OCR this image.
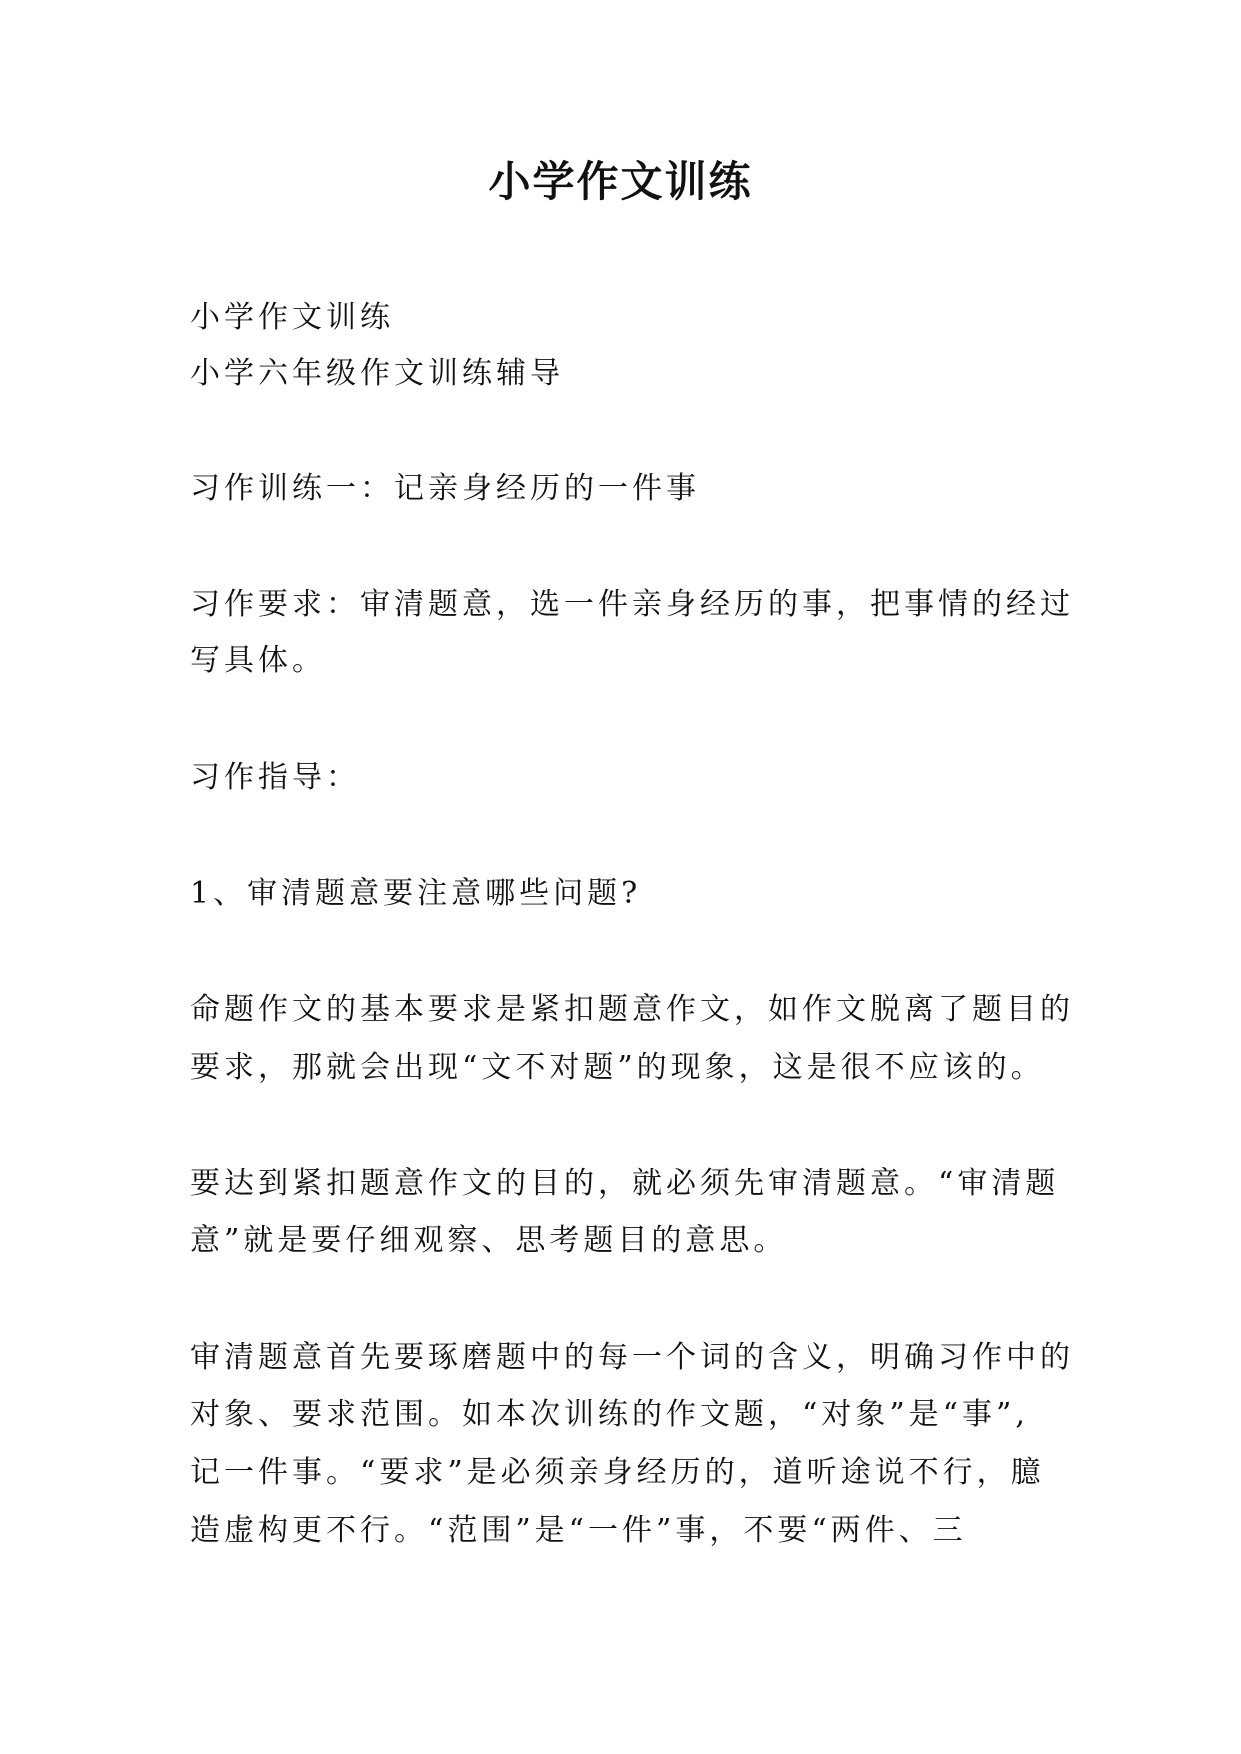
小学作文训练

小学作文训练

小学六年级作文训练辅导

习作训练一：记亲身经历的一件事

习作要求：审清题意，选一件亲身经历的事，把事情的经过

写具体。

习作指导：

1、审清题意要注意哪些问题?

命题作文的基本要求是紧扣题意作文，如作文脱离了题目的

要求，那就会出现“文不对题”的现象，这是很不应该的。

要达到紧扣题意作文的目的，就必须先审清题意。“审清题

意”就是要仔细观察、思考题目的意思。

审清题意首先要琢磨题中的每一个词的含义，明确习作中的

对象、要求范围。如本次训练的作文题，“对象”是“事”,

记一件事。“要求”是必须亲身经历的，道听途说不行，臆

造虚构更不行。“范围”是“一件”事，不要“两件、三
